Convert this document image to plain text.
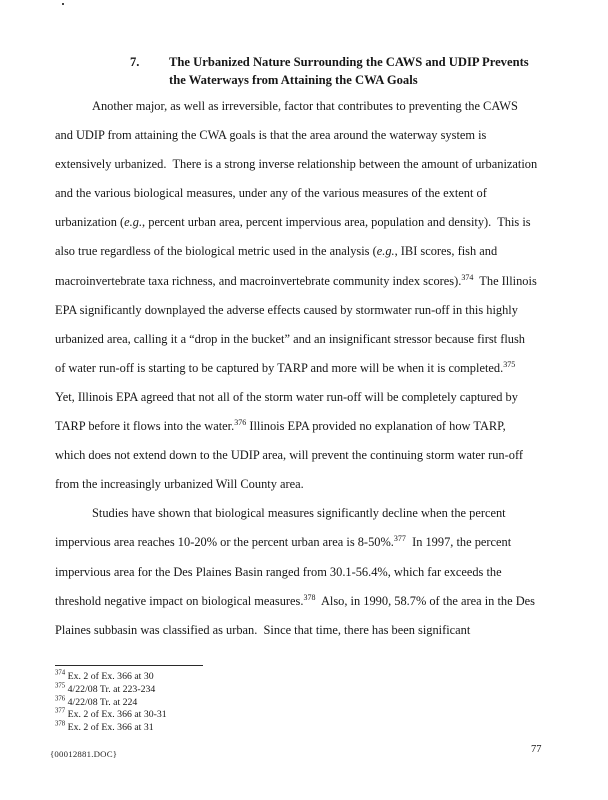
7. The Urbanized Nature Surrounding the CAWS and UDIP Prevents
the Waterways from Attaining the CWA Goals
Another major, as well as irreversible, factor that contributes to preventing the CAWS
and UDIP from attaining the CWA goals is that the area around the waterway system is
extensively urbanized.  There is a strong inverse relationship between the amount of urbanization
and the various biological measures, under any of the various measures of the extent of
urbanization (e.g., percent urban area, percent impervious area, population and density).  This is
also true regardless of the biological metric used in the analysis (e.g., IBI scores, fish and
macroinvertebrate taxa richness, and macroinvertebrate community index scores).$^{374}$  The Illinois
EPA significantly downplayed the adverse effects caused by stormwater run-off in this highly
urbanized area, calling it a “drop in the bucket” and an insignificant stressor because first flush
of water run-off is starting to be captured by TARP and more will be when it is completed.$^{375}$
Yet, Illinois EPA agreed that not all of the storm water run-off will be completely captured by
TARP before it flows into the water.$^{376}$ Illinois EPA provided no explanation of how TARP,
which does not extend down to the UDIP area, will prevent the continuing storm water run-off
from the increasingly urbanized Will County area.
Studies have shown that biological measures significantly decline when the percent
impervious area reaches 10-20% or the percent urban area is 8-50%.$^{377}$  In 1997, the percent
impervious area for the Des Plaines Basin ranged from 30.1-56.4%, which far exceeds the
threshold negative impact on biological measures.$^{378}$  Also, in 1990, 58.7% of the area in the Des
Plaines subbasin was classified as urban.  Since that time, there has been significant
$^{374}$ Ex. 2 of Ex. 366 at 30
$^{375}$ 4/22/08 Tr. at 223-234
$^{376}$ 4/22/08 Tr. at 224
$^{377}$ Ex. 2 of Ex. 366 at 30-31
$^{378}$ Ex. 2 of Ex. 366 at 31
{00012881.DOC}	77
